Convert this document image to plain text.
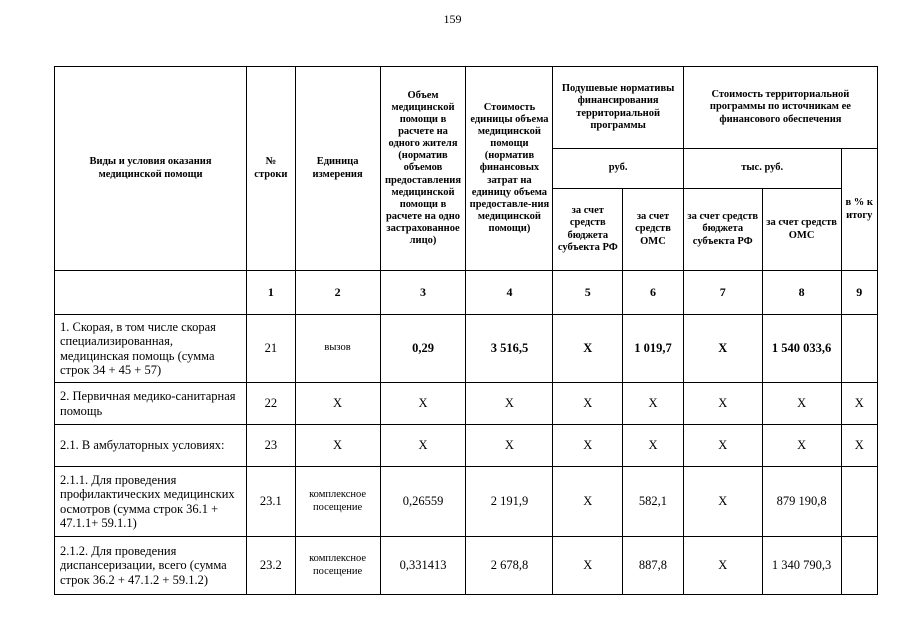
159
Виды и условия оказания медицинской помощи	№ строки	Единица измерения	Объем медицинской помощи в расчете на одного жителя (норматив объемов предоставления медицинской помощи в расчете на одно застрахованное лицо)	Стоимость единицы объема медицинской помощи (норматив финансовых затрат на единицу объема предоставле-ния медицинской помощи)	Подушевые нормативы финансирования территориальной программы		Стоимость территориальной программы по источникам ее финансового обеспечения		
					руб.		тыс. руб.		в % к итогу
					за счет средств бюджета субъекта РФ	за счет средств ОМС	за счет средств бюджета субъекта РФ	за счет средств ОМС	
	1	2	3	4	5	6	7	8	9
1. Скорая, в том числе скорая специализированная, медицинская помощь (сумма строк 34 + 45 + 57)	21	вызов	0,29	3 516,5	X	1 019,7	X	1 540 033,6	
2. Первичная медико-санитарная помощь	22	X	X	X	X	X	X	X	X
2.1. В амбулаторных условиях:	23	X	X	X	X	X	X	X	X
2.1.1. Для проведения профилактических медицинских осмотров (сумма строк 36.1 + 47.1.1+ 59.1.1)	23.1	комплексное посещение	0,26559	2 191,9	X	582,1	X	879 190,8	
2.1.2. Для проведения диспансеризации, всего (сумма строк 36.2 + 47.1.2 + 59.1.2)	23.2	комплексное посещение	0,331413	2 678,8	X	887,8	X	1 340 790,3	
